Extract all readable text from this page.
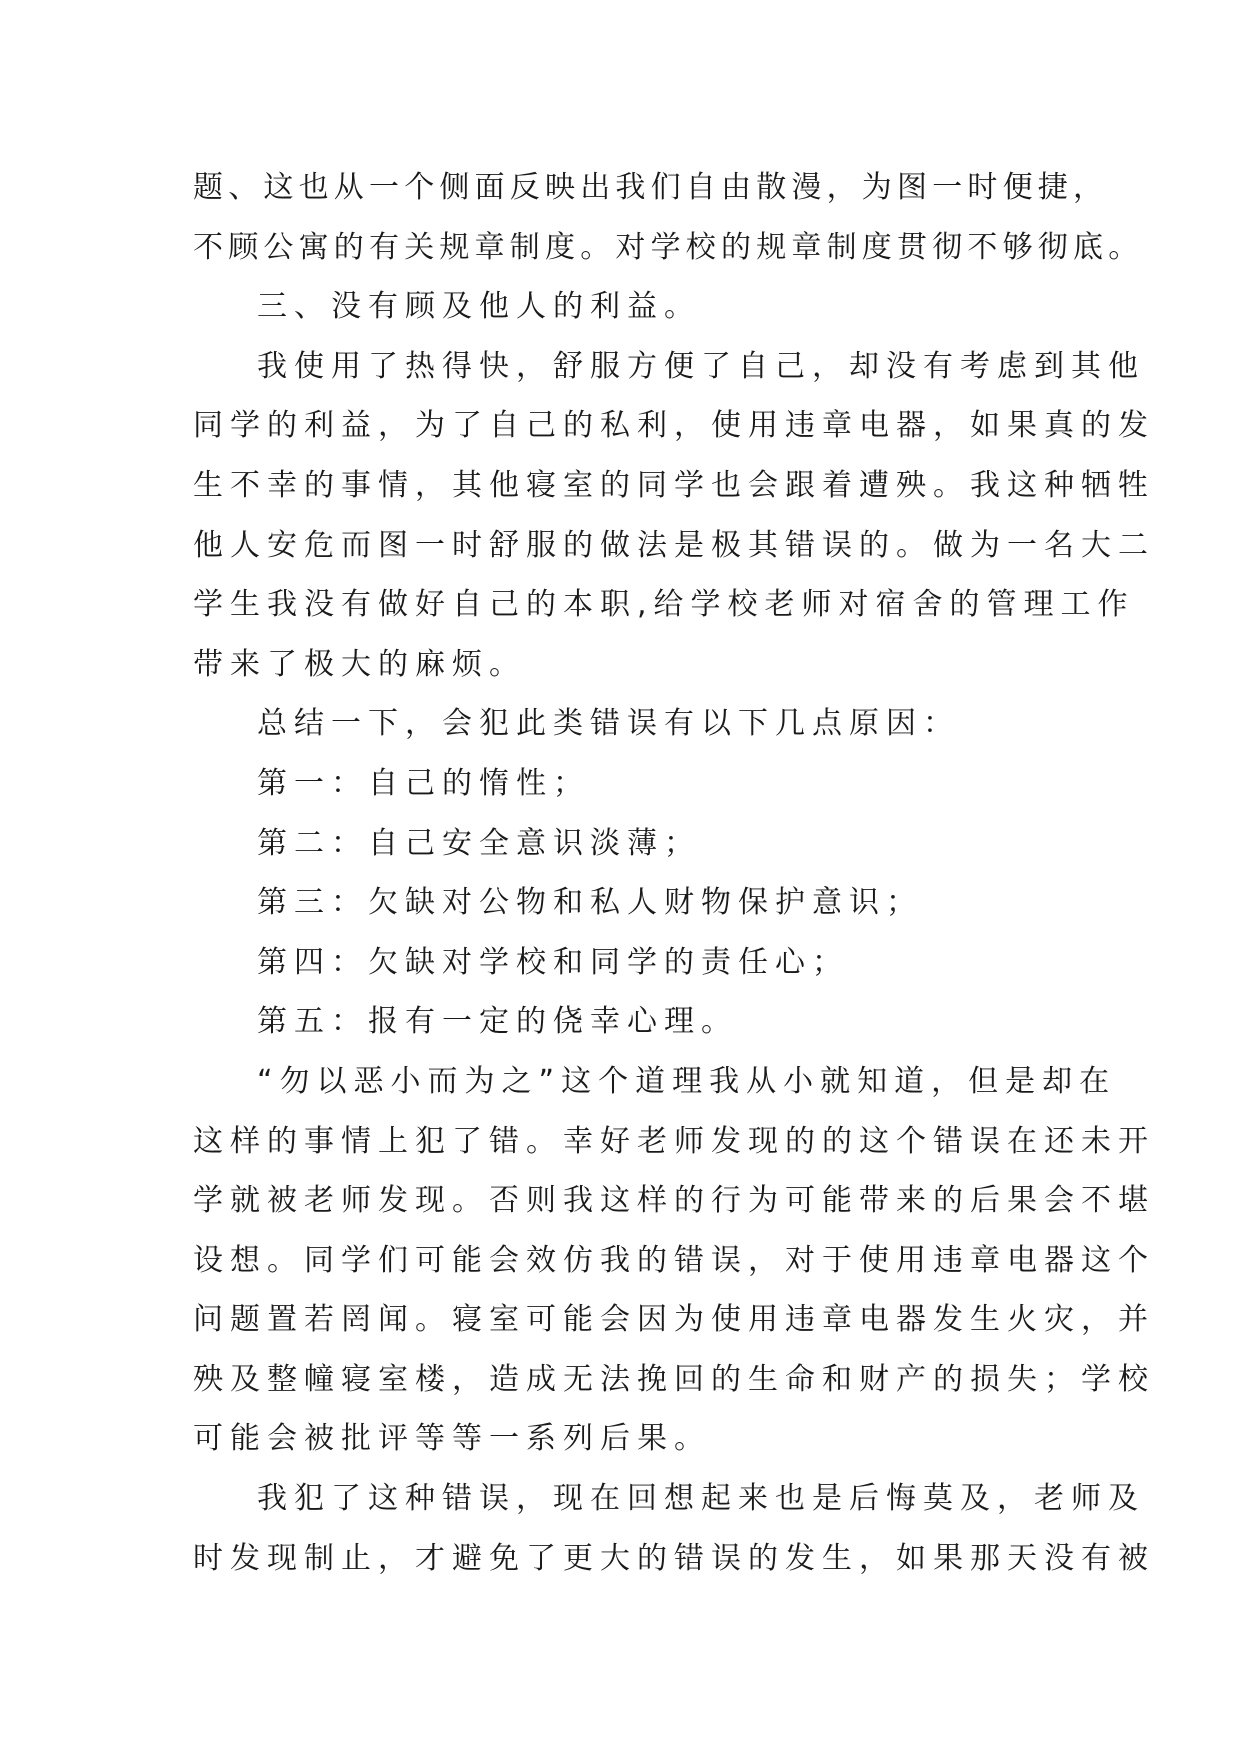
题、这也从一个侧面反映出我们自由散漫，为图一时便捷，
不顾公寓的有关规章制度。对学校的规章制度贯彻不够彻底。
三、没有顾及他人的利益。
我使用了热得快，舒服方便了自己，却没有考虑到其他
同学的利益，为了自己的私利，使用违章电器，如果真的发
生不幸的事情，其他寝室的同学也会跟着遭殃。我这种牺牲
他人安危而图一时舒服的做法是极其错误的。做为一名大二
学生我没有做好自己的本职,给学校老师对宿舍的管理工作
带来了极大的麻烦。
总结一下，会犯此类错误有以下几点原因：
第一：自己的惰性；
第二：自己安全意识淡薄；
第三：欠缺对公物和私人财物保护意识；
第四：欠缺对学校和同学的责任心；
第五：报有一定的侥幸心理。
“勿以恶小而为之”这个道理我从小就知道，但是却在
这样的事情上犯了错。幸好老师发现的的这个错误在还未开
学就被老师发现。否则我这样的行为可能带来的后果会不堪
设想。同学们可能会效仿我的错误，对于使用违章电器这个
问题置若罔闻。寝室可能会因为使用违章电器发生火灾，并
殃及整幢寝室楼，造成无法挽回的生命和财产的损失；学校
可能会被批评等等一系列后果。
我犯了这种错误，现在回想起来也是后悔莫及，老师及
时发现制止，才避免了更大的错误的发生，如果那天没有被
